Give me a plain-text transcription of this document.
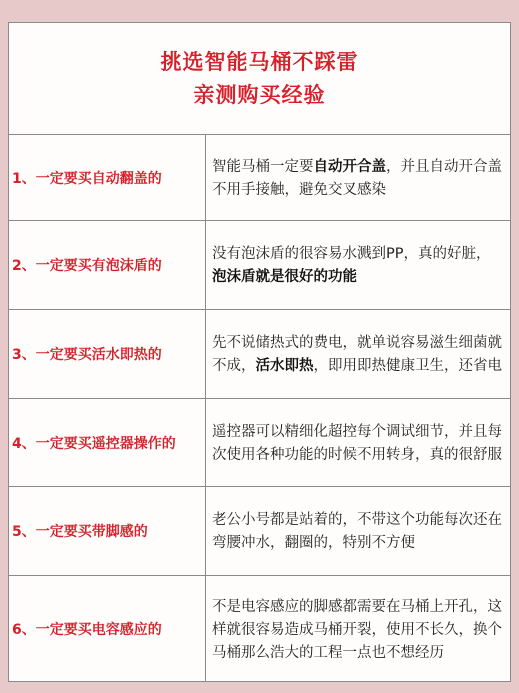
挑选智能马桶不踩雷
亲测购买经验
1、一定要买自动翻盖的
智能马桶一定要自动开合盖，并且自动开合盖不用手接触，避免交叉感染
2、一定要买有泡沫盾的
没有泡沫盾的很容易水溅到PP，真的好脏，泡沫盾就是很好的功能
3、一定要买活水即热的
先不说储热式的费电，就单说容易滋生细菌就不成，活水即热，即用即热健康卫生，还省电
4、一定要买遥控器操作的
遥控器可以精细化超控每个调试细节，并且每次使用各种功能的时候不用转身，真的很舒服
5、一定要买带脚感的
老公小号都是站着的，不带这个功能每次还在弯腰冲水，翻圈的，特别不方便
6、一定要买电容感应的
不是电容感应的脚感都需要在马桶上开孔，这样就很容易造成马桶开裂，使用不长久，换个马桶那么浩大的工程一点也不想经历
